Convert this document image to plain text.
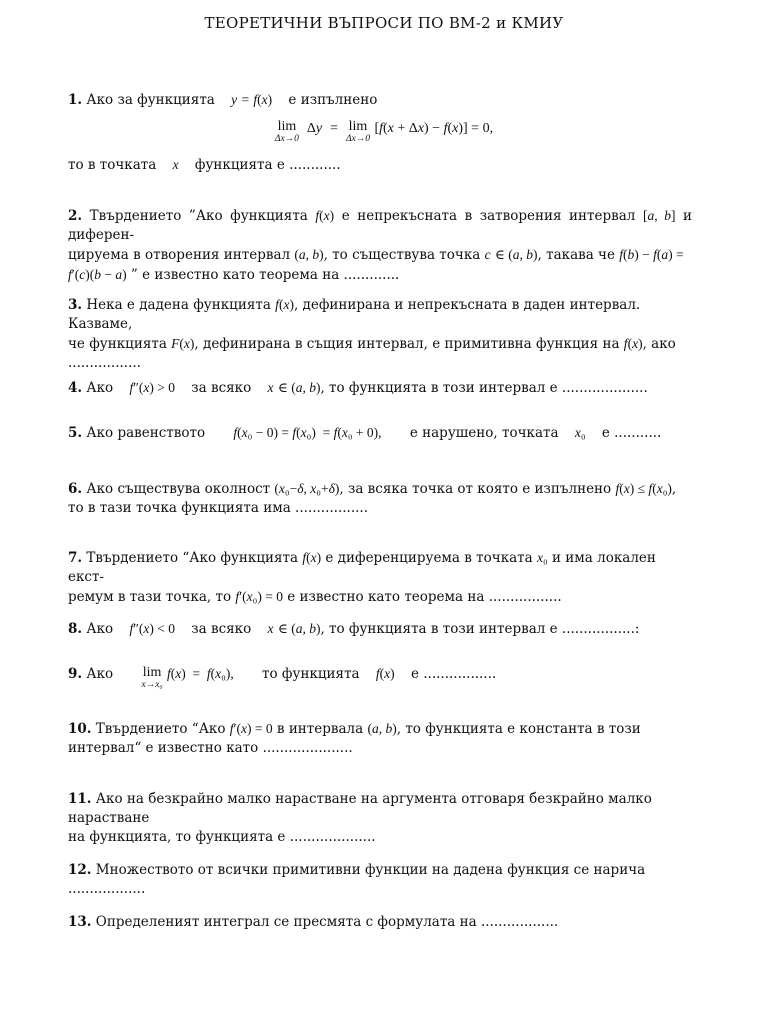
ТЕОРЕТИЧНИ ВЪПРОСИ ПО ВМ-2 и КМИУ
1. Ако за функцията y = f(x) е изпълнено
lim
Δx→0
Δy  = lim
Δx→0
[f(x + Δx) − f(x)] = 0,
то в точката x функцията е ............
2. Твърдението ”Ако функцията f(x) е непрекъсната в затворения интервал [a, b] и диферен-
цируема в отворения интервал (a, b), то съществува точка c ∈ (a, b), такава че f(b) − f(a) =
f′(c)(b − a) ” е известно като теорема на .............
3. Нека е дадена функцията f(x), дефинирана и непрекъсната в даден интервал. Казваме,
че функцията F(x), дефинирана в същия интервал, е примитивна функция на f(x), ако
.................
4. Ако f″(x) > 0 за всяко x ∈ (a, b), то функцията в този интервал е ....................
5. Ако равенството f(x₀ − 0) = f(x₀)  = f(x₀ + 0), е нарушено, точката x₀ е ...........
6. Ако съществува околност (x₀−δ, x₀+δ), за всяка точка от която е изпълнено f(x) ≤ f(x₀),
то в тази точка функцията има .................
7. Твърдението “Ако функцията f(x) е диференцируема в точката x₀ и има локален екст-
ремум в тази точка, то f′(x₀) = 0 е известно като теорема на .................
8. Ако f″(x) < 0 за всяко x ∈ (a, b), то функцията в този интервал е .................:
9. Ако lim
x→x₀
f(x)  =  f(x₀), то функцията f(x) е .................
10. Твърдението “Ако f′(x) = 0 в интервала (a, b), то функцията е константа в този
интервал“ е известно като .....................
11. Ако на безкрайно малко нарастване на аргумента отговаря безкрайно малко нарастване
на функцията, то функцията е ....................
12. Множеството от всички примитивни функции на дадена функция се нарича ..................
13. Определеният интеграл се пресмята с формулата на ..................
